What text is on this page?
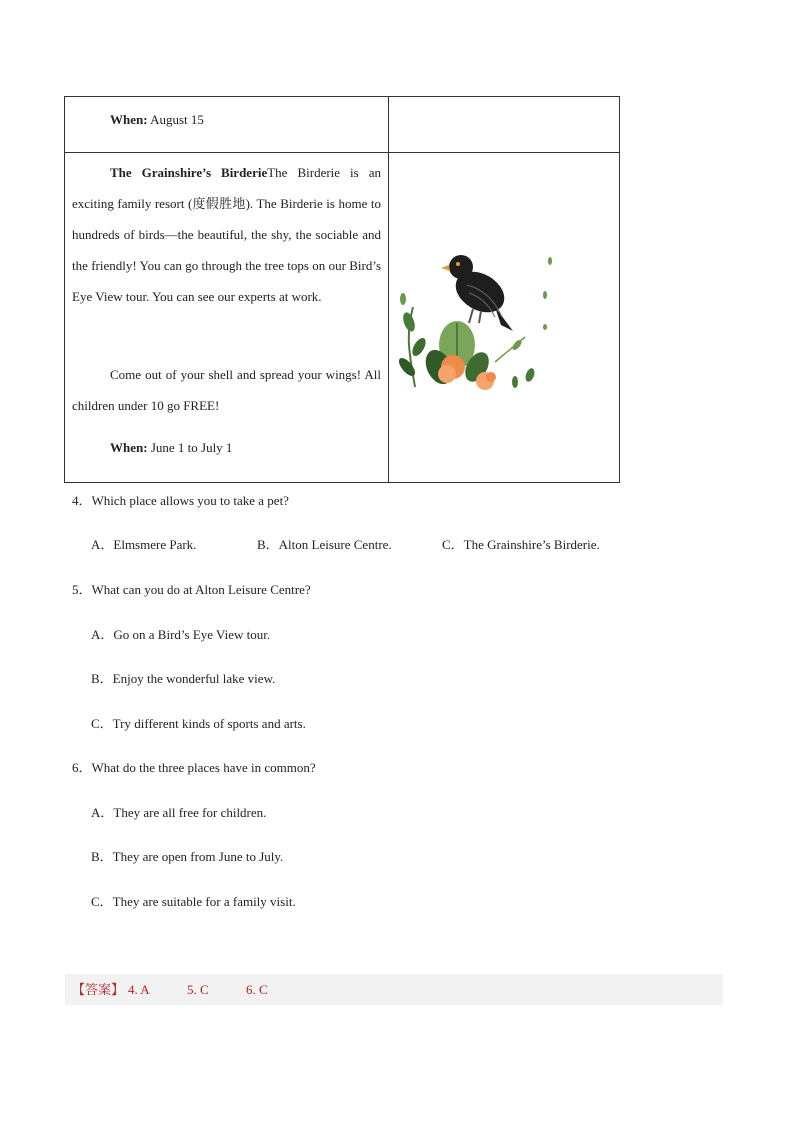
When: August 15
The Grainshire’s BirderieThe Birderie is an exciting family resort (度假胜地). The Birderie is home to hundreds of birds—the beautiful, the shy, the sociable and the friendly! You can go through the tree tops on our Bird’s Eye View tour. You can see our experts at work.
Come out of your shell and spread your wings! All children under 10 go FREE!
When: June 1 to July 1
4．Which place allows you to take a pet?
A．Elmsmere Park.	B．Alton Leisure Centre.	C．The Grainshire’s Birderie.
5．What can you do at Alton Leisure Centre?
A．Go on a Bird’s Eye View tour.
B．Enjoy the wonderful lake view.
C．Try different kinds of sports and arts.
6．What do the three places have in common?
A．They are all free for children.
B．They are open from June to July.
C．They are suitable for a family visit.
【答案】 4. A	5. C	6. C
